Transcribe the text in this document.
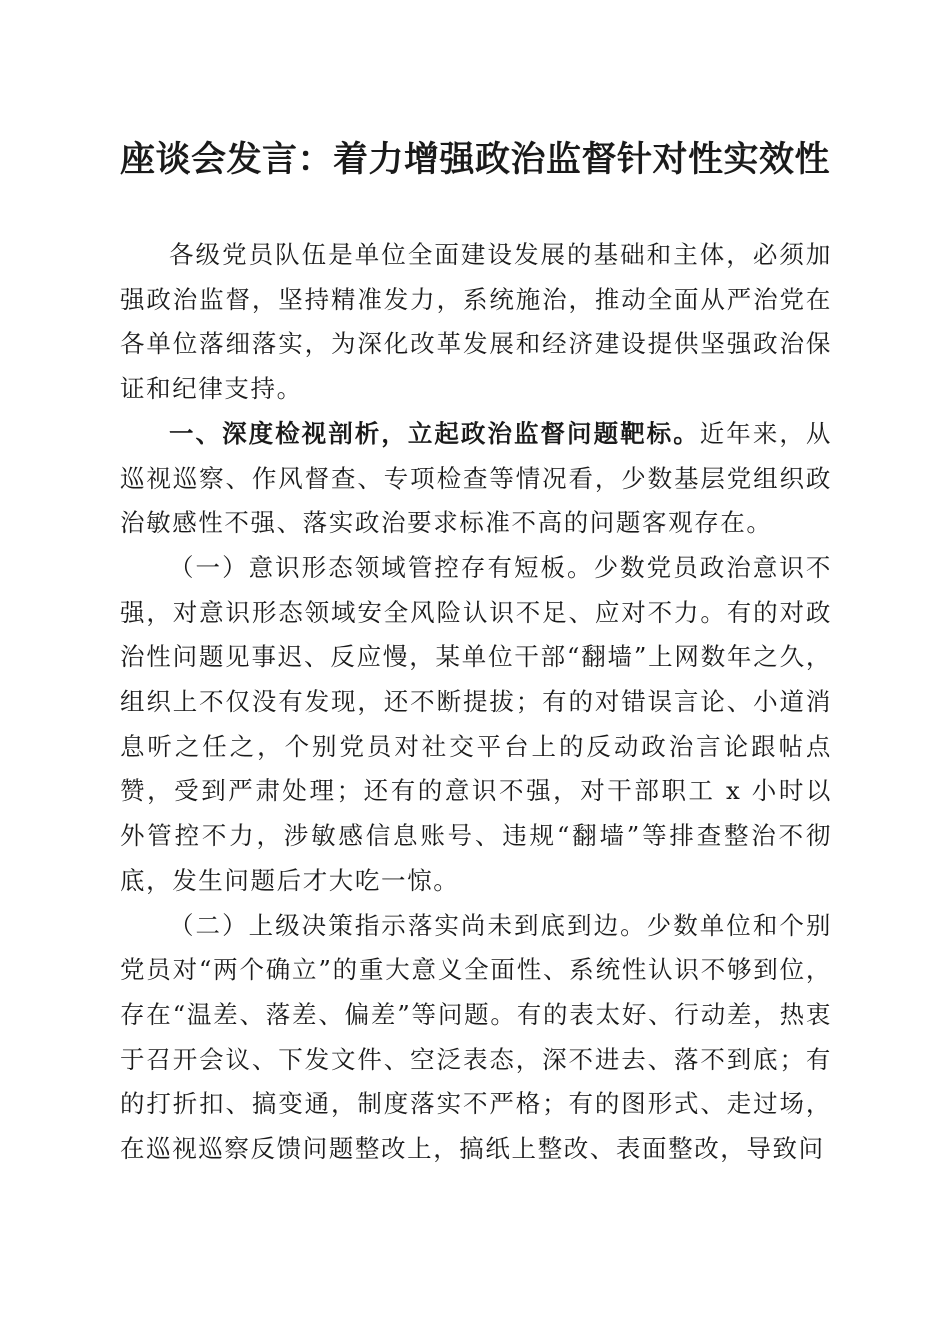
座谈会发言：着力增强政治监督针对性实效性

各级党员队伍是单位全面建设发展的基础和主体，必须加强政治监督，坚持精准发力，系统施治，推动全面从严治党在各单位落细落实，为深化改革发展和经济建设提供坚强政治保证和纪律支持。

一、深度检视剖析，立起政治监督问题靶标。近年来，从巡视巡察、作风督查、专项检查等情况看，少数基层党组织政治敏感性不强、落实政治要求标准不高的问题客观存在。

（一）意识形态领域管控存有短板。少数党员政治意识不强，对意识形态领域安全风险认识不足、应对不力。有的对政治性问题见事迟、反应慢，某单位干部“翻墙”上网数年之久，组织上不仅没有发现，还不断提拔；有的对错误言论、小道消息听之任之，个别党员对社交平台上的反动政治言论跟帖点赞，受到严肃处理；还有的意识不强，对干部职工 x 小时以外管控不力，涉敏感信息账号、违规“翻墙”等排查整治不彻底，发生问题后才大吃一惊。

（二）上级决策指示落实尚未到底到边。少数单位和个别党员对“两个确立”的重大意义全面性、系统性认识不够到位，存在“温差、落差、偏差”等问题。有的表太好、行动差，热衷于召开会议、下发文件、空泛表态，深不进去、落不到底；有的打折扣、搞变通，制度落实不严格；有的图形式、走过场，在巡视巡察反馈问题整改上，搞纸上整改、表面整改，导致问
